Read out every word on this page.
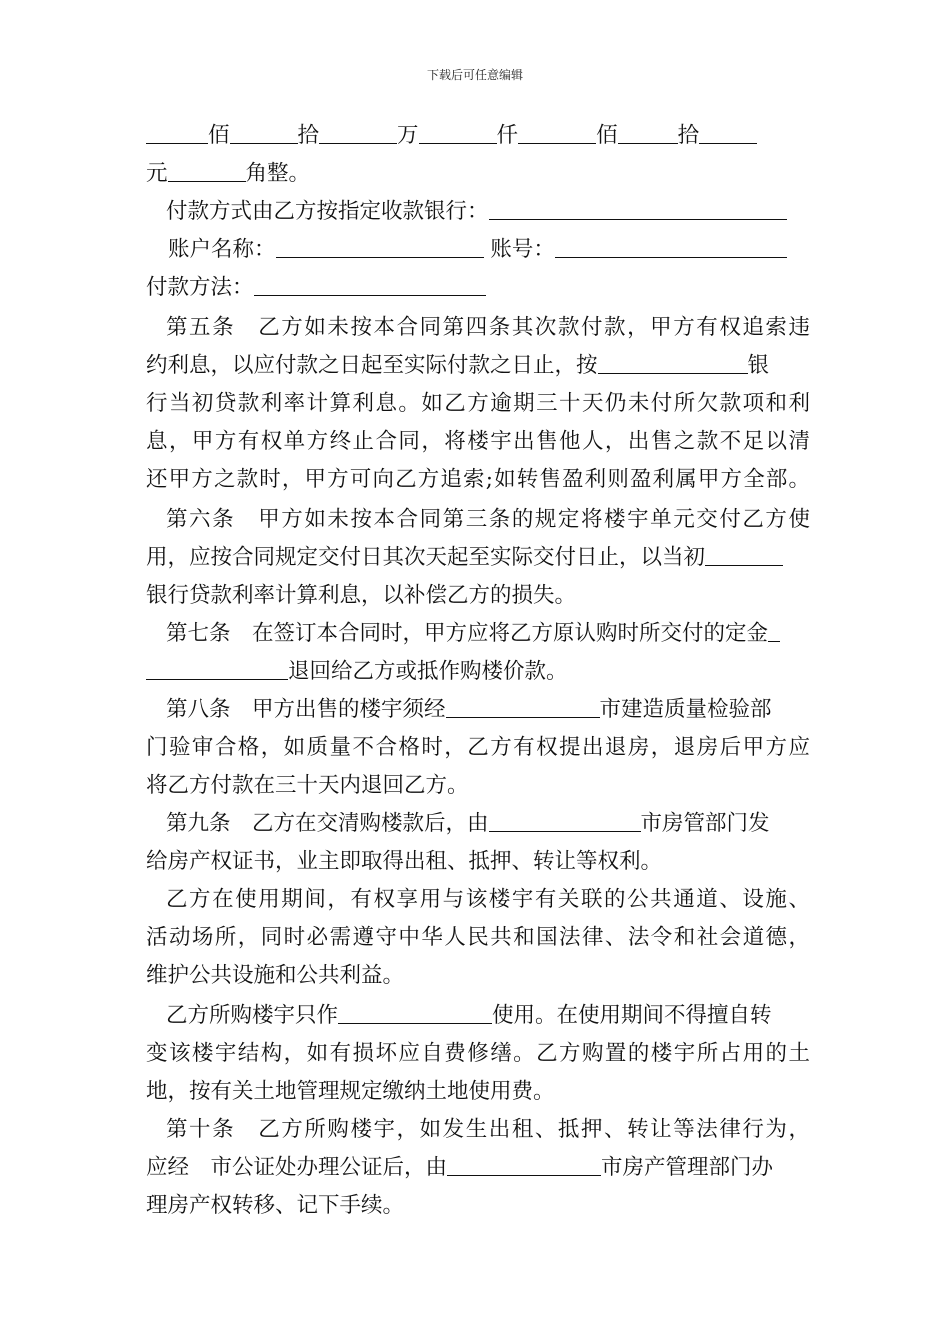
下载后可任意编辑
佰	拾	万	仟	佰	拾
元	角整。
付款方式由乙方按指定收款银行：
账户名称：	账号：
付款方法：
第五条　乙方如未按本合同第四条其次款付款，甲方有权追索违
约利息，以应付款之日起至实际付款之日止，按	银
行当初贷款利率计算利息。如乙方逾期三十天仍未付所欠款项和利
息，甲方有权单方终止合同，将楼宇出售他人，出售之款不足以清
还甲方之款时，甲方可向乙方追索;如转售盈利则盈利属甲方全部。
第六条　甲方如未按本合同第三条的规定将楼宇单元交付乙方使
用，应按合同规定交付日其次天起至实际交付日止，以当初
银行贷款利率计算利息，以补偿乙方的损失。
第七条　在签订本合同时，甲方应将乙方原认购时所交付的定金
退回给乙方或抵作购楼价款。
第八条　甲方出售的楼宇须经	市建造质量检验部
门验审合格，如质量不合格时，乙方有权提出退房，退房后甲方应
将乙方付款在三十天内退回乙方。
第九条　乙方在交清购楼款后，由	市房管部门发
给房产权证书，业主即取得出租、抵押、转让等权利。
乙方在使用期间，有权享用与该楼宇有关联的公共通道、设施、
活动场所，同时必需遵守中华人民共和国法律、法令和社会道德，
维护公共设施和公共利益。
乙方所购楼宇只作	使用。在使用期间不得擅自转
变该楼宇结构，如有损坏应自费修缮。乙方购置的楼宇所占用的土
地，按有关土地管理规定缴纳土地使用费。
第十条　乙方所购楼宇，如发生出租、抵押、转让等法律行为，
应经　市公证处办理公证后，由	市房产管理部门办
理房产权转移、记下手续。
